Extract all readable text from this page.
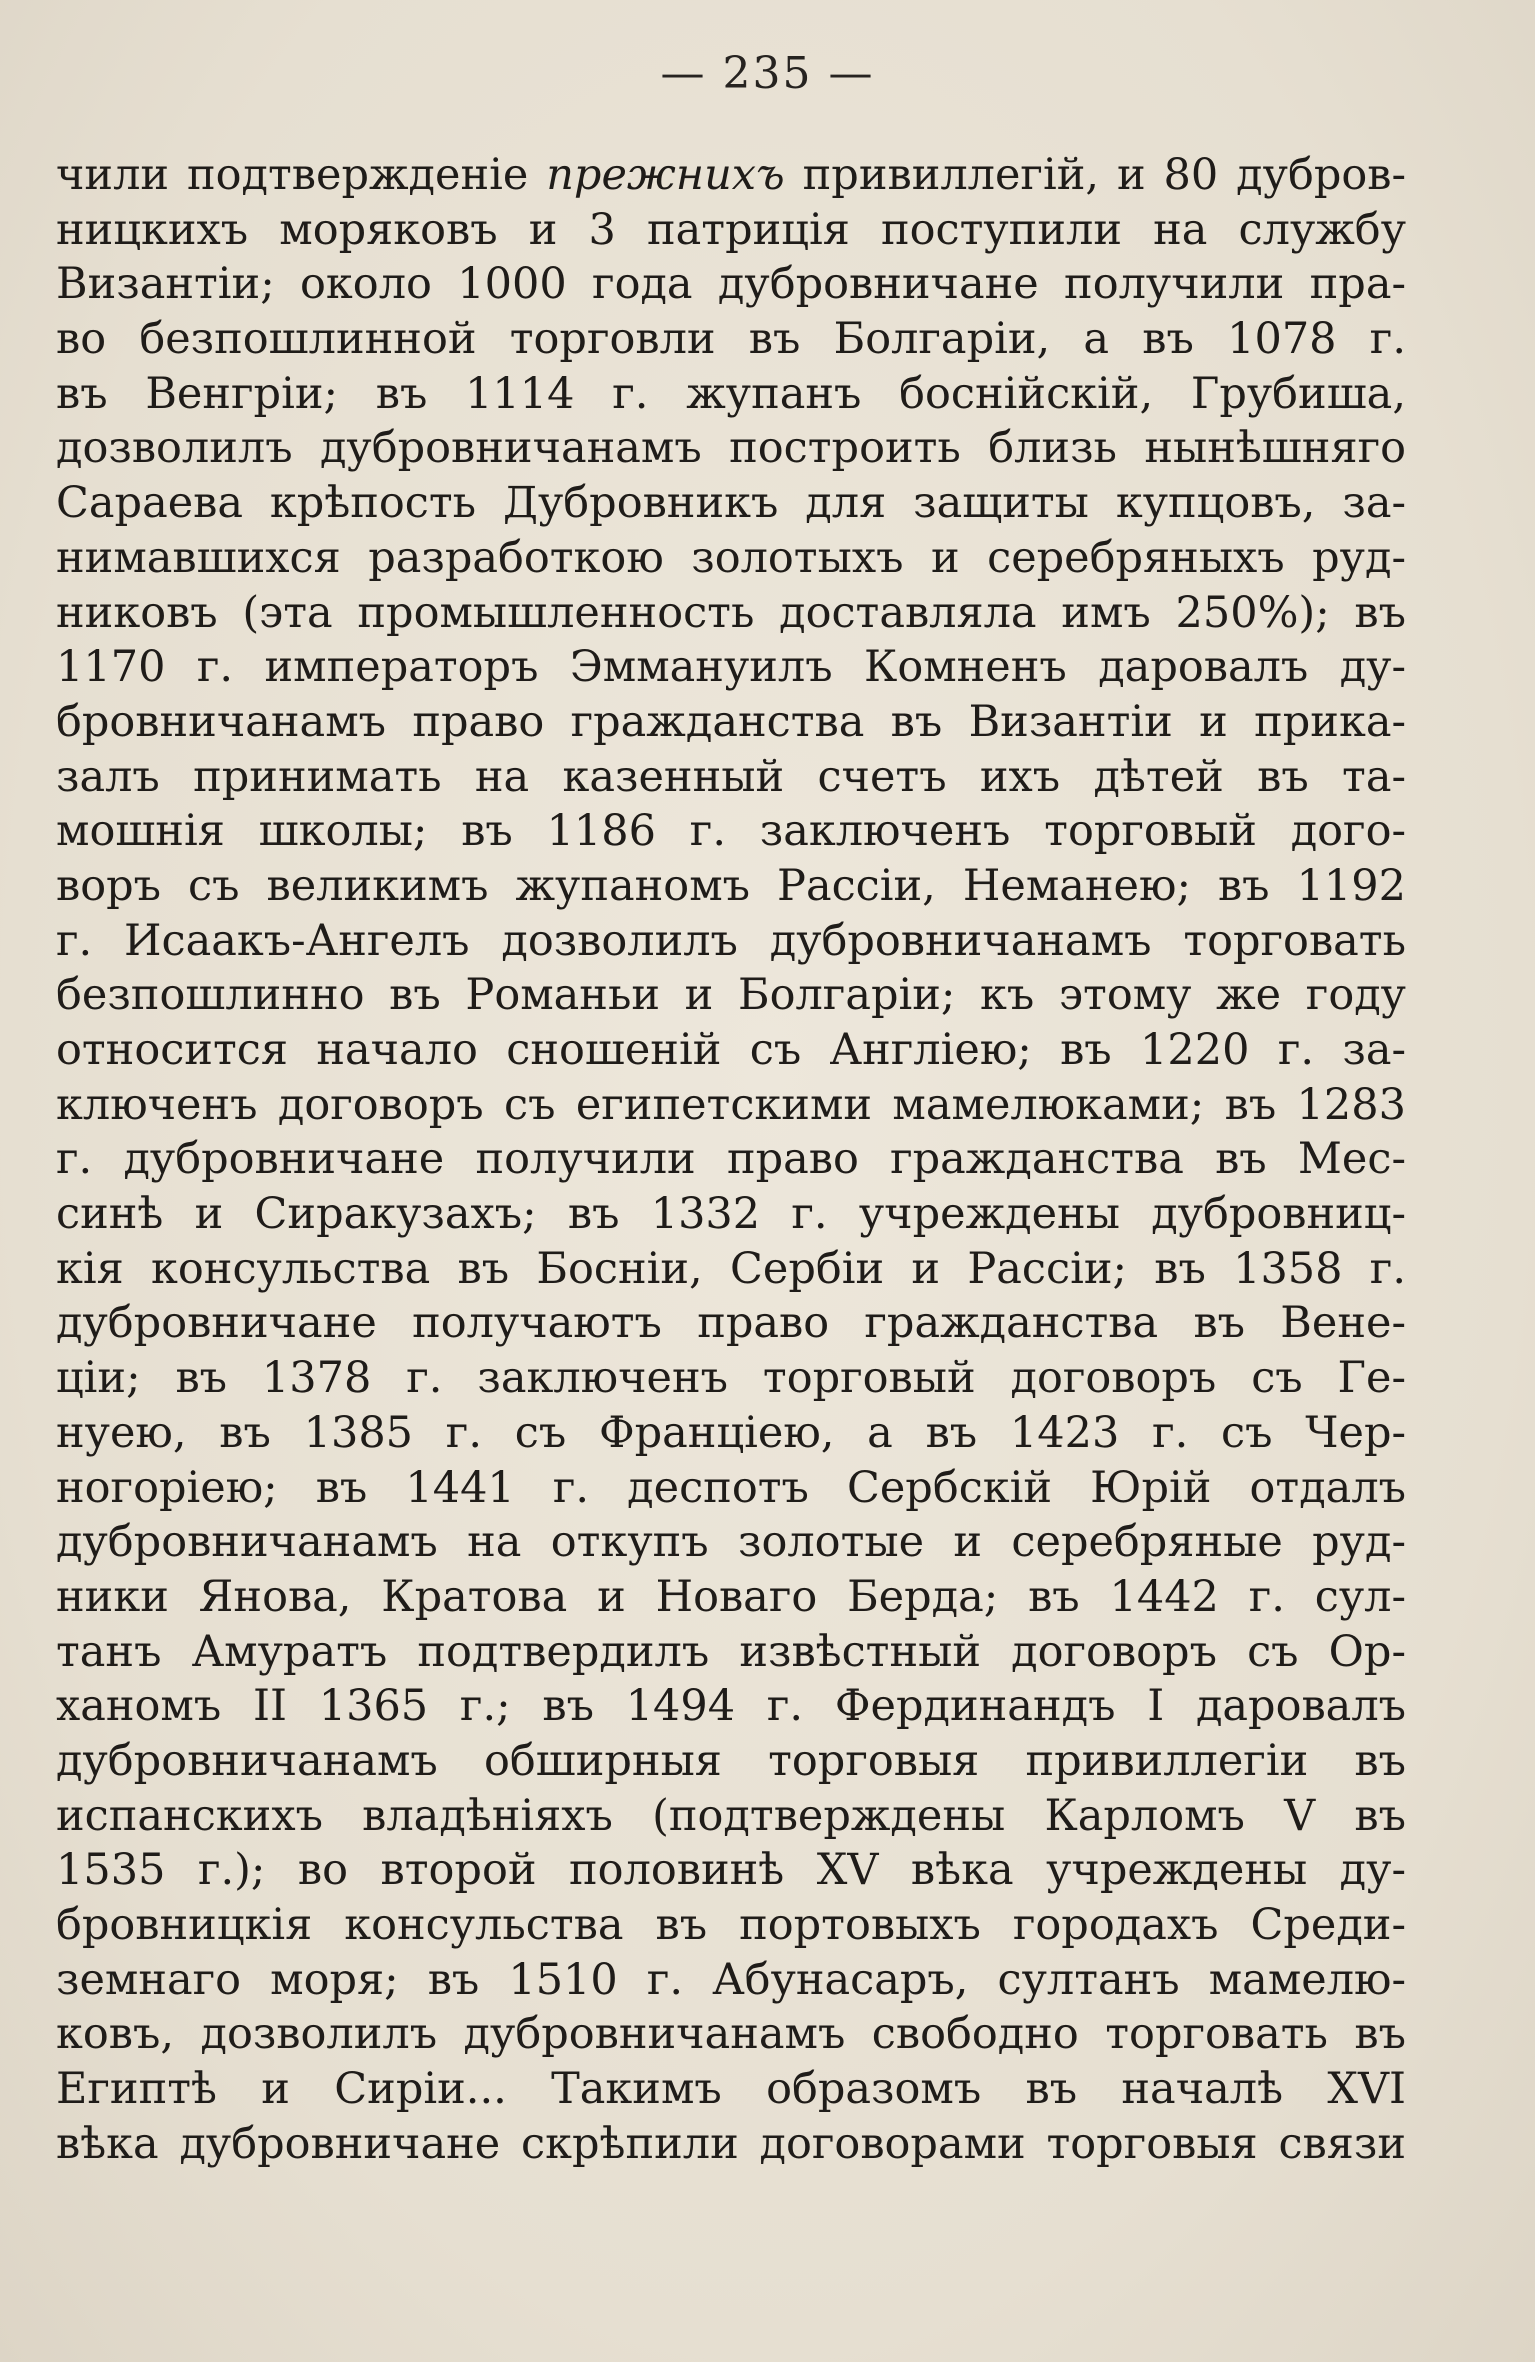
— 235 —
чили подтвержденіе прежнихъ привиллегій, и 80 дубров-
ницкихъ моряковъ и 3 патриція поступили на службу
Византіи; около 1000 года дубровничане получили пра-
во безпошлинной торговли въ Болгаріи, а въ 1078 г.
въ Венгріи; въ 1114 г. жупанъ боснійскій, Грубиша,
дозволилъ дубровничанамъ построить близь нынѣшняго
Сараева крѣпость Дубровникъ для защиты купцовъ, за-
нимавшихся разработкою золотыхъ и серебряныхъ руд-
никовъ (эта промышленность доставляла имъ 250%); въ
1170 г. императоръ Эммануилъ Комненъ даровалъ ду-
бровничанамъ право гражданства въ Византіи и прика-
залъ принимать на казенный счетъ ихъ дѣтей въ та-
мошнія школы; въ 1186 г. заключенъ торговый дого-
воръ съ великимъ жупаномъ Рассіи, Неманею; въ 1192
г. Исаакъ-Ангелъ дозволилъ дубровничанамъ торговать
безпошлинно въ Романьи и Болгаріи; къ этому же году
относится начало сношеній съ Англіею; въ 1220 г. за-
ключенъ договоръ съ египетскими мамелюками; въ 1283
г. дубровничане получили право гражданства въ Мес-
синѣ и Сиракузахъ; въ 1332 г. учреждены дубровниц-
кія консульства въ Босніи, Сербіи и Рассіи; въ 1358 г.
дубровничане получаютъ право гражданства въ Вене-
ціи; въ 1378 г. заключенъ торговый договоръ съ Ге-
нуею, въ 1385 г. съ Франціею, а въ 1423 г. съ Чер-
ногоріею; въ 1441 г. деспотъ Сербскій Юрій отдалъ
дубровничанамъ на откупъ золотые и серебряные руд-
ники Янова, Кратова и Новаго Берда; въ 1442 г. сул-
танъ Амуратъ подтвердилъ извѣстный договоръ съ Ор-
ханомъ II 1365 г.; въ 1494 г. Фердинандъ I даровалъ
дубровничанамъ обширныя торговыя привиллегіи въ
испанскихъ владѣніяхъ (подтверждены Карломъ V въ
1535 г.); во второй половинѣ XV вѣка учреждены ду-
бровницкія консульства въ портовыхъ городахъ Среди-
земнаго моря; въ 1510 г. Абунасаръ, султанъ мамелю-
ковъ, дозволилъ дубровничанамъ свободно торговать въ
Египтѣ и Сиріи... Такимъ образомъ въ началѣ XVI
вѣка дубровничане скрѣпили договорами торговыя связи
